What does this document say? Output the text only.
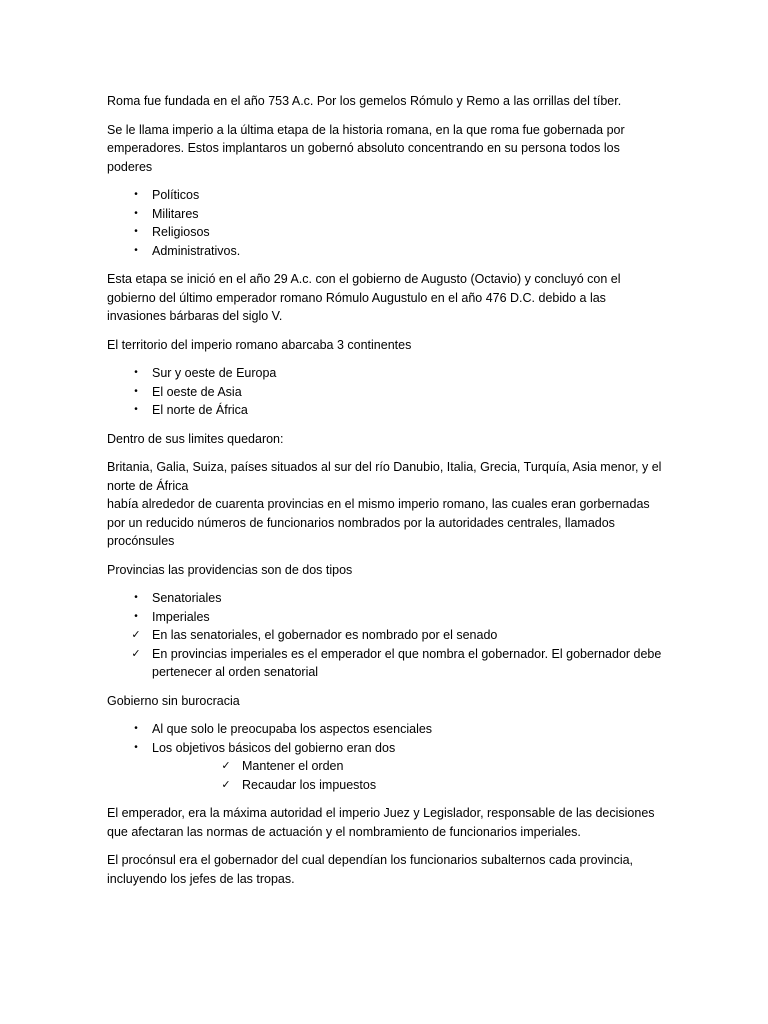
Roma fue fundada en el año 753 A.c. Por los gemelos Rómulo y Remo a las orrillas del tíber.

Se le llama imperio a la última etapa de la historia romana, en la que roma fue gobernada por emperadores. Estos implantaros un gobernó absoluto concentrando en su persona todos los poderes

•	Políticos
•	Militares
•	Religiosos
•	Administrativos.

Esta etapa se inició en el año 29 A.c. con el gobierno de Augusto (Octavio) y concluyó con el gobierno del último emperador romano Rómulo Augustulo en el año 476 D.C. debido a las invasiones bárbaras del siglo V.

El territorio del imperio romano abarcaba 3 continentes

•	Sur y oeste de Europa
•	El oeste de Asia
•	El norte de África

Dentro de sus limites quedaron:

Britania, Galia, Suiza, países situados al sur del río Danubio, Italia, Grecia, Turquía, Asia menor, y el norte de África

había alrededor de cuarenta provincias en el mismo imperio romano, las cuales eran gorbernadas por un reducido números de funcionarios nombrados por la autoridades centrales, llamados procónsules

Provincias las providencias son de dos tipos

•	Senatoriales
•	Imperiales
✓ En las senatoriales, el gobernador es nombrado por el senado
✓ En provincias imperiales es el emperador el que nombra el gobernador. El gobernador debe pertenecer al orden senatorial

Gobierno sin burocracia

•	Al que solo le preocupaba los aspectos esenciales
•	Los objetivos básicos del gobierno eran dos
✓ Mantener el orden
✓ Recaudar los impuestos

El emperador, era la máxima autoridad el imperio Juez y Legislador, responsable de las decisiones que afectaran las normas de actuación y el nombramiento de funcionarios imperiales.

El procónsul era el gobernador del cual dependían los funcionarios subalternos cada provincia, incluyendo los jefes de las tropas.
